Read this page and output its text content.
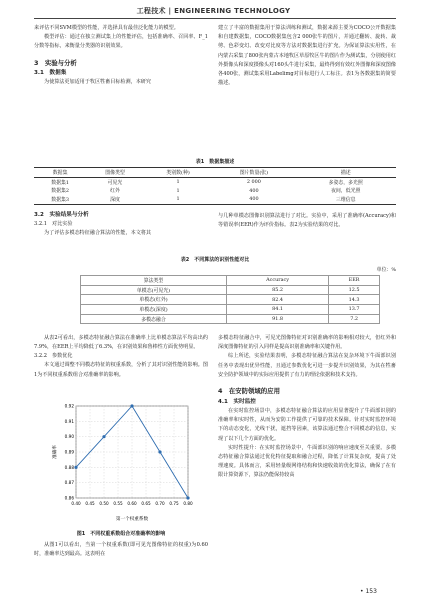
工程技术 | ENGINEERING TECHNOLOGY

来评估不同SVM模型的性能，并选择具有最佳泛化能力的模型。

模型评估：通过在独立测试集上的性能评估，包括准确率、召回率、F_1分数等指标，来衡量分类器的识别效果。

3　实验与分析
3.1　数据集

为使算法更加适用于牧区牲畜目标检测，本研究

建立了丰富的数据集用于算法训练和测试，数据来源主要为COCO公开数据集和自建数据集，COCO数据集包含2 000张牛的图片，并通过翻转、旋转、裁剪、色彩变幻、改变对比度等方法对数据集进行扩充。为保证算法实用性，在内蒙古采集了800张内蒙古本地牧区草原牧区牛的图片作为测试集，分别使用红外摄像头和深度摄像头对160头牛进行采集，最终得到有效红外图像和深度图像各400张，测试集采用Labelimg对目标进行人工标注。表1为各数据集的简要描述。

表1　数据集描述
数据集	图像类型	类别数(种)	图片数量(张)	描述
数据集1	可见光	1	2 000	多姿态，多光照
数据集2	红外	1	400	夜间，低光照
数据集3	深度	1	400	三维信息
3.2　实验结果与分析
3.2.1　对比实验

为了评估多模态特征融合算法的性能，本文将其

与几种单模态图像识别算法进行了对比。实验中，采用了准确率(Accuracy)和等错误率(EER)作为评价指标。表2为实验结果的对比。

表2　不同算法的识别性能对比
单位：%
算法类型	Accuracy	EER
单模态(可见光)	85.2	12.5
单模态(红外)	82.4	14.3
单模态(深度)	84.1	13.7
多模态融合	91.8	7.2

从表2可看出，多模态特征融合算法在准确率上比单模态算法平均高出约7.9%，在EER上平均降低了6.3%，在识别效果和鲁棒性方面优势明显。

3.2.2　参数优化

本文通过调整不同模态特征的权重系数，分析了其对识别性能的影响。图1为不同权重系数组合对准确率的影响。

0.86
0.87
0.88
0.89
0.90
0.91
0.92
0.40 0.45 0.50 0.55 0.60 0.65 0.70 0.75 0.80
准确率
第一个权重系数
图1　不同权重系数组合对准确率的影响

从图1可以看出，当第一个权重系数(即可见光图像特征的权重)为0.60时，准确率达到最高。这表明在

多模态特征融合中，可见光图像特征对识别准确率的影响相对较大，但红外和深度图像特征的引入同样是提高识别准确率和关键作用。

综上所述，实验结果表明，多模态特征融合算法在复杂环境下牛面部识别任务中表现出优异性能，且通过参数优化可进一步提升识别效果，为其在牲畜安全防护领域中的实际应用提供了有力的理论依据和技术支持。

4　在安防领域的应用
4.1　实时监控

在实时监控场景中，多模态特征融合算法的应用显著提升了牛面部识别的准确率和实时性，从而为安防工作提供了可靠的技术保障。针对实时监控环境下的动态变化，光线干扰，遮挡等因素，该算法通过整合不同模态的信息，实现了以下几个方面的优化。

实时性提升：在实时监控场景中，牛面部识别的响应速度至关重要。多模态特征融合算法通过优化特征提取和融合过程，降低了计算复杂度，提高了处理速度。具体而言，采用轻量级网络结构和快速收敛的优化算法，确保了在有限计算资源下，算法仍能保持较高

• 153
